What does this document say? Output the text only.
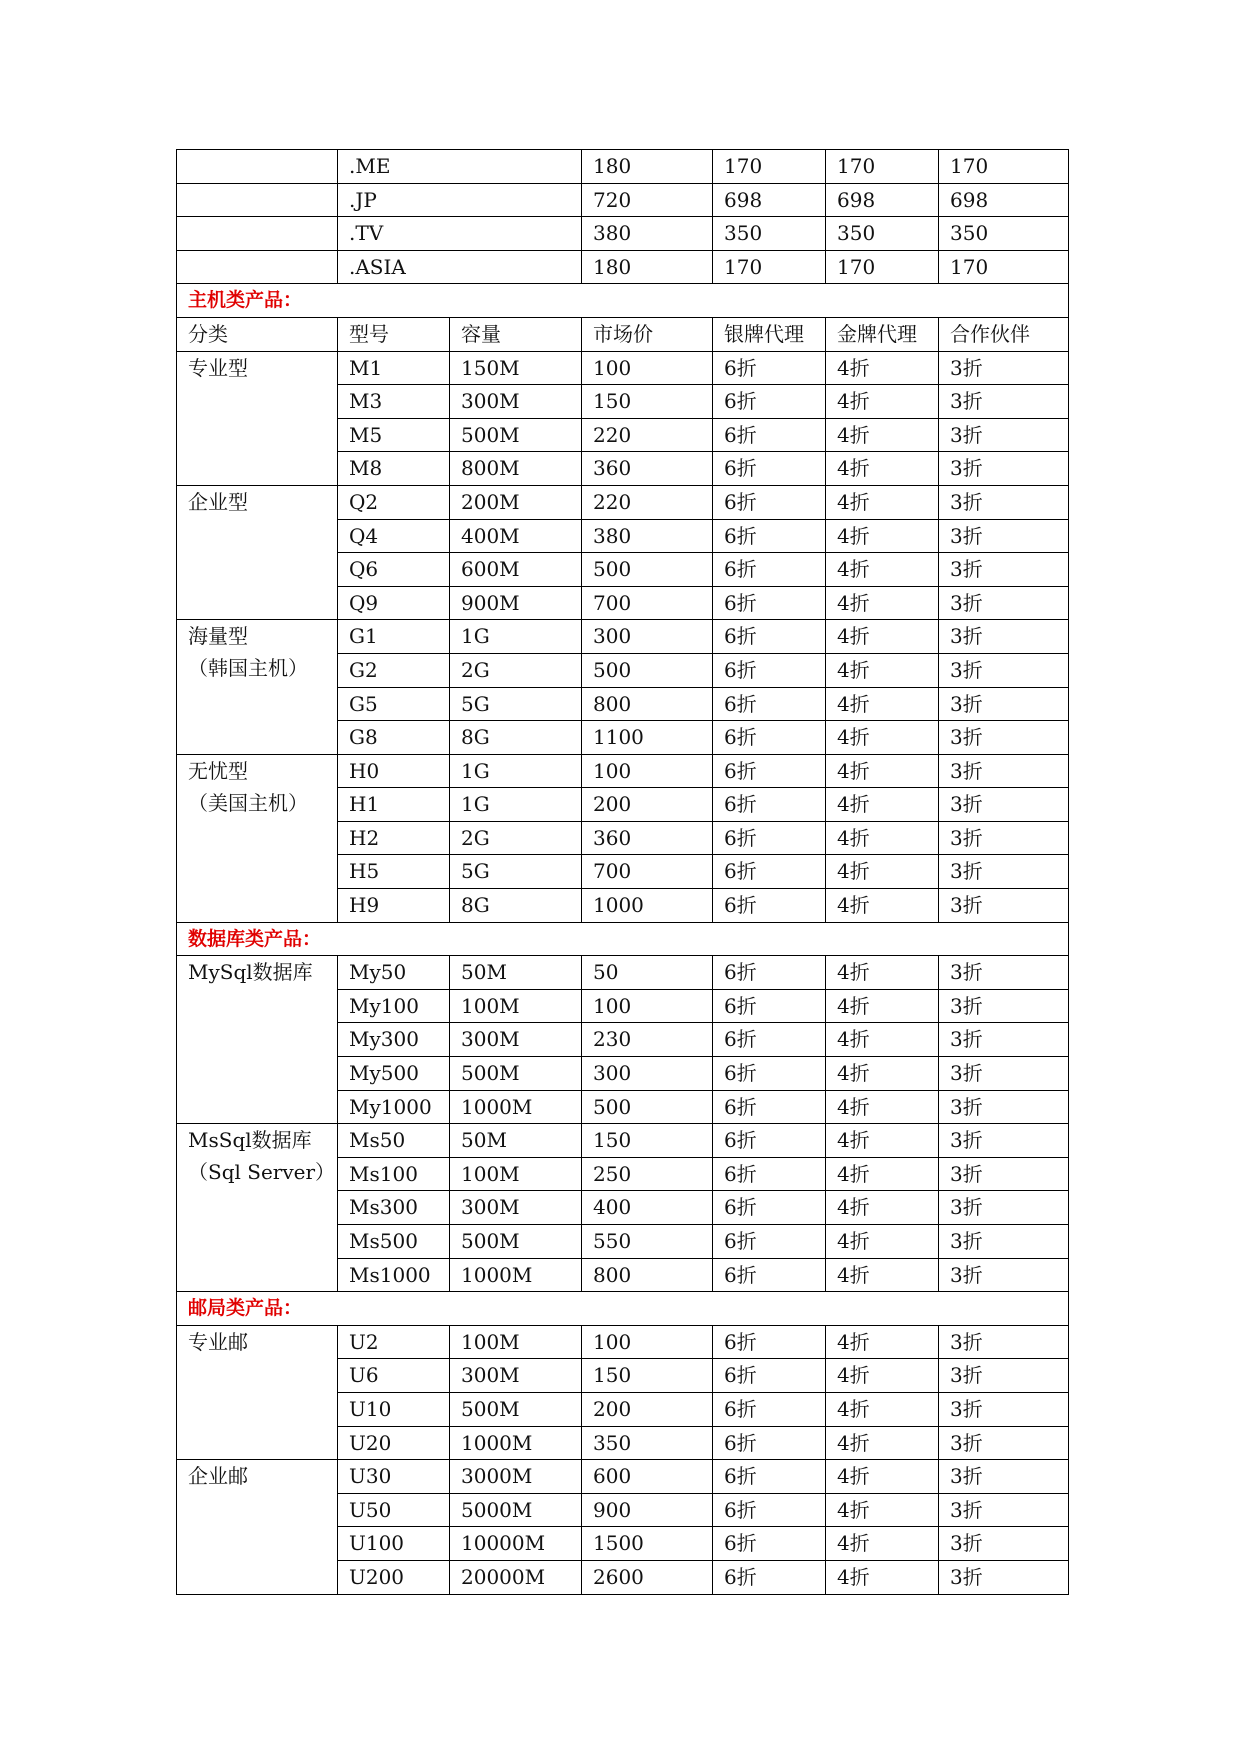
	.ME		180	170	170	170
	.JP		720	698	698	698
	.TV		380	350	350	350
	.ASIA		180	170	170	170
主机类产品：						
分类	型号	容量	市场价	银牌代理	金牌代理	合作伙伴

专业型	M1	150M	100	6折	4折	3折
	M3	300M	150	6折	4折	3折
	M5	500M	220	6折	4折	3折
	M8	800M	360	6折	4折	3折

企业型	Q2	200M	220	6折	4折	3折
	Q4	400M	380	6折	4折	3折
	Q6	600M	500	6折	4折	3折
	Q9	900M	700	6折	4折	3折

海量型
（韩国主机）	G1	1G	300	6折	4折	3折
	G2	2G	500	6折	4折	3折
	G5	5G	800	6折	4折	3折
	G8	8G	1100	6折	4折	3折

无忧型
（美国主机）	H0	1G	100	6折	4折	3折
	H1	1G	200	6折	4折	3折
	H2	2G	360	6折	4折	3折
	H5	5G	700	6折	4折	3折
	H9	8G	1000	6折	4折	3折
数据库类产品：						

MySql数据库	My50	50M	50	6折	4折	3折
	My100	100M	100	6折	4折	3折
	My300	300M	230	6折	4折	3折
	My500	500M	300	6折	4折	3折
	My1000	1000M	500	6折	4折	3折

MsSql数据库
（Sql Server）	Ms50	50M	150	6折	4折	3折
	Ms100	100M	250	6折	4折	3折
	Ms300	300M	400	6折	4折	3折
	Ms500	500M	550	6折	4折	3折
	Ms1000	1000M	800	6折	4折	3折
邮局类产品：						

专业邮	U2	100M	100	6折	4折	3折
	U6	300M	150	6折	4折	3折
	U10	500M	200	6折	4折	3折
	U20	1000M	350	6折	4折	3折

企业邮	U30	3000M	600	6折	4折	3折
	U50	5000M	900	6折	4折	3折
	U100	10000M	1500	6折	4折	3折
	U200	20000M	2600	6折	4折	3折
